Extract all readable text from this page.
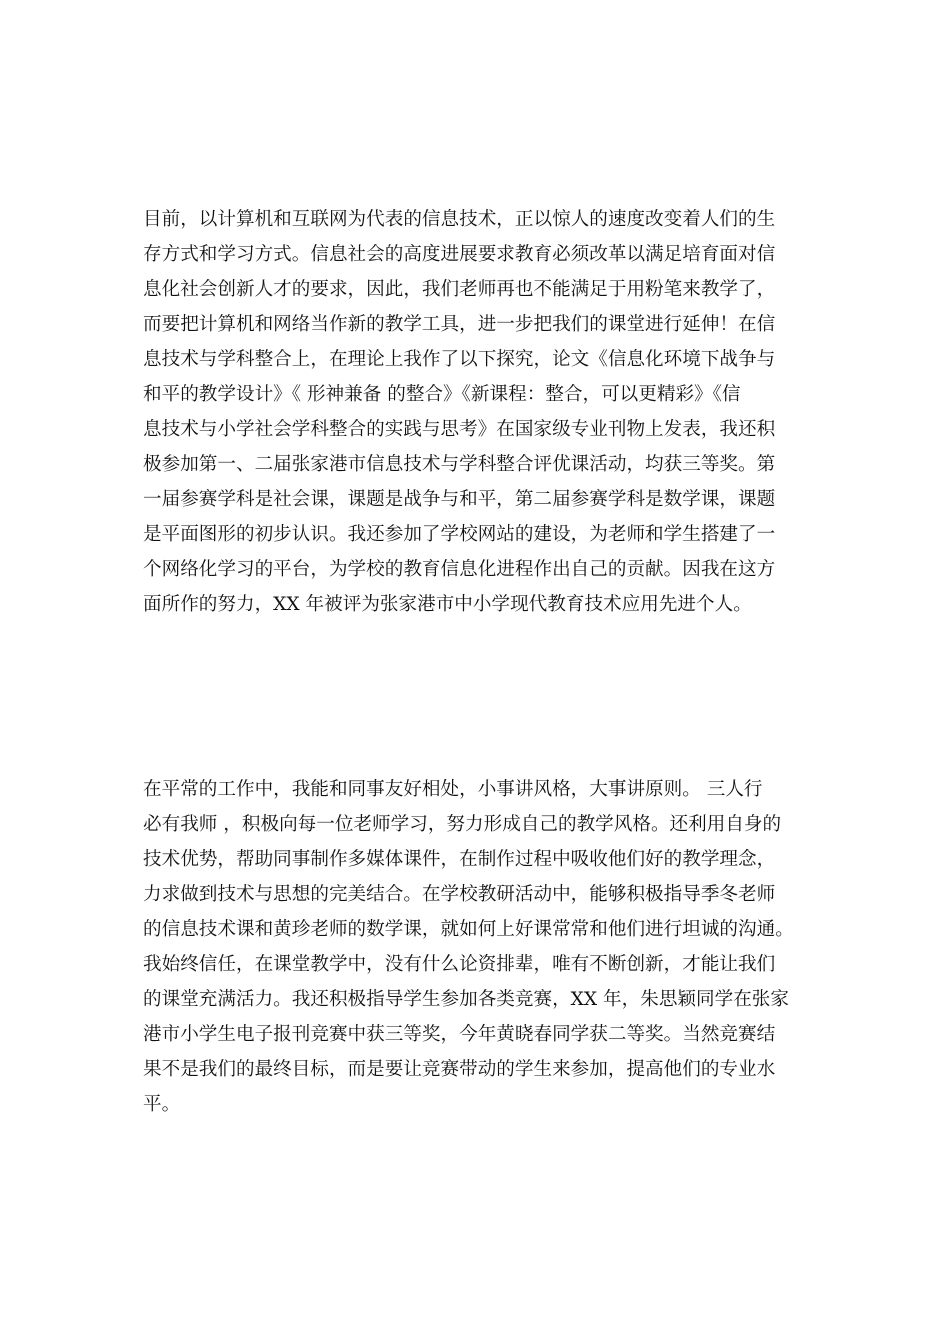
目前，以计算机和互联网为代表的信息技术，正以惊人的速度改变着人们的生
存方式和学习方式。信息社会的高度进展要求教育必须改革以满足培育面对信
息化社会创新人才的要求，因此，我们老师再也不能满足于用粉笔来教学了，
而要把计算机和网络当作新的教学工具，进一步把我们的课堂进行延伸！在信
息技术与学科整合上，在理论上我作了以下探究，论文《信息化环境下战争与
和平的教学设计》《 形神兼备 的整合》《新课程：整合，可以更精彩》《信
息技术与小学社会学科整合的实践与思考》在国家级专业刊物上发表，我还积
极参加第一、二届张家港市信息技术与学科整合评优课活动，均获三等奖。第
一届参赛学科是社会课，课题是战争与和平，第二届参赛学科是数学课，课题
是平面图形的初步认识。我还参加了学校网站的建设，为老师和学生搭建了一
个网络化学习的平台，为学校的教育信息化进程作出自己的贡献。因我在这方
面所作的努力，XX 年被评为张家港市中小学现代教育技术应用先进个人。
在平常的工作中，我能和同事友好相处，小事讲风格，大事讲原则。 三人行
必有我师 ，积极向每一位老师学习，努力形成自己的教学风格。还利用自身的
技术优势，帮助同事制作多媒体课件，在制作过程中吸收他们好的教学理念，
力求做到技术与思想的完美结合。在学校教研活动中，能够积极指导季冬老师
的信息技术课和黄珍老师的数学课，就如何上好课常常和他们进行坦诚的沟通。
我始终信任，在课堂教学中，没有什么论资排辈，唯有不断创新，才能让我们
的课堂充满活力。我还积极指导学生参加各类竞赛，XX 年，朱思颖同学在张家
港市小学生电子报刊竞赛中获三等奖，今年黄晓春同学获二等奖。当然竞赛结
果不是我们的最终目标，而是要让竞赛带动的学生来参加，提高他们的专业水
平。
